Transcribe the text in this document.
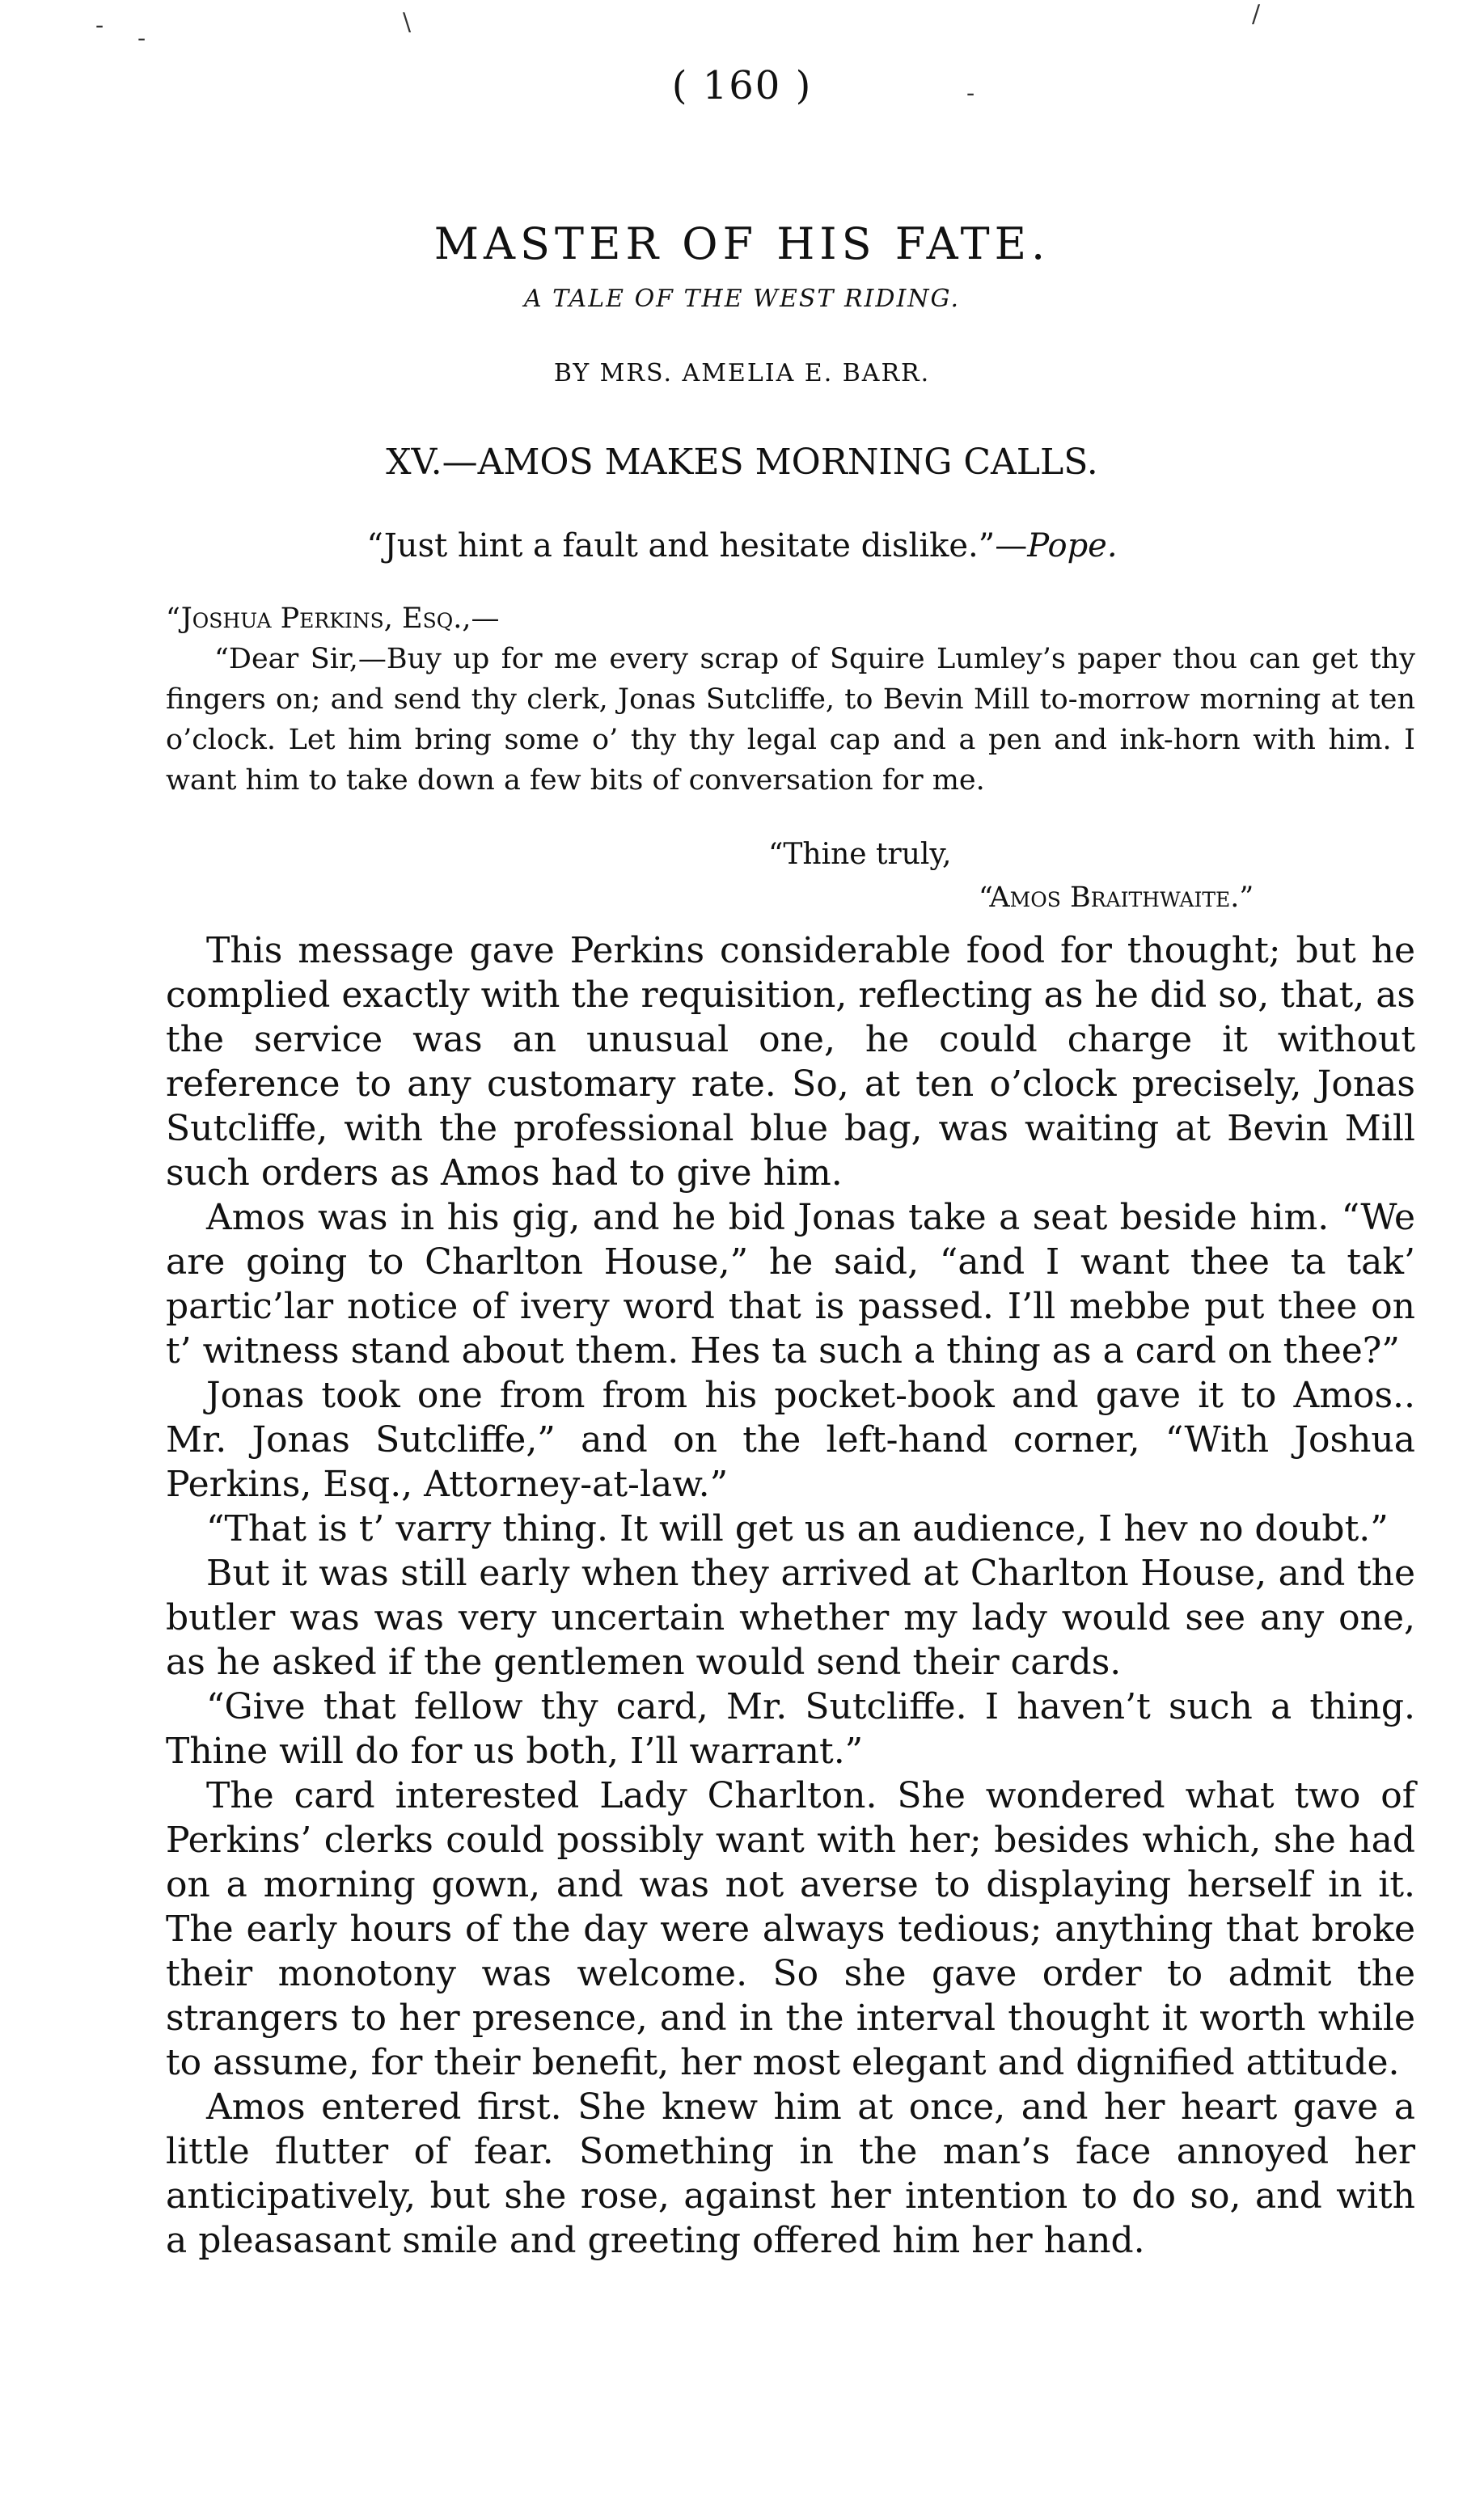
- -
\	/
-
( 160 )
MASTER OF HIS FATE.
A TALE OF THE WEST RIDING.
BY MRS. AMELIA E. BARR.
XV.—AMOS MAKES MORNING CALLS.
“Just hint a fault and hesitate dislike.”—Pope.

“Joshua Perkins, Esq.,—

“Dear Sir,—Buy up for me every scrap of Squire Lumley’s paper thou can get thy fingers on; and send thy clerk, Jonas Sutcliffe, to Bevin Mill to-morrow morning at ten o’clock. Let him bring some o’ thy thy legal cap and a pen and ink-horn with him. I want him to take down a few bits of conversation for me.

“Thine truly,
“Amos Braithwaite.”

This message gave Perkins considerable food for thought; but he complied exactly with the requisition, reflecting as he did so, that, as the service was an unusual one, he could charge it without reference to any customary rate. So, at ten o’clock precisely, Jonas Sutcliffe, with the professional blue bag, was waiting at Bevin Mill such orders as Amos had to give him.

Amos was in his gig, and he bid Jonas take a seat beside him. “We are going to Charlton House,” he said, “and I want thee ta tak’ partic’lar notice of ivery word that is passed. I’ll mebbe put thee on t’ witness stand about them. Hes ta such a thing as a card on thee?”

Jonas took one from from his pocket-book and gave it to Amos.. Mr. Jonas Sutcliffe,” and on the left-hand corner, “With Joshua Perkins, Esq., Attorney-at-law.”

“That is t’ varry thing. It will get us an audience, I hev no doubt.”

But it was still early when they arrived at Charlton House, and the butler was was very uncertain whether my lady would see any one, as he asked if the gentlemen would send their cards.

“Give that fellow thy card, Mr. Sutcliffe. I haven’t such a thing. Thine will do for us both, I’ll warrant.”

The card interested Lady Charlton. She wondered what two of Perkins’ clerks could possibly want with her; besides which, she had on a morning gown, and was not averse to displaying herself in it. The early hours of the day were always tedious; anything that broke their monotony was welcome. So she gave order to admit the strangers to her presence, and in the interval thought it worth while to assume, for their benefit, her most elegant and dignified attitude.

Amos entered first. She knew him at once, and her heart gave a little flutter of fear. Something in the man’s face annoyed her anticipatively, but she rose, against her intention to do so, and with a pleasasant smile and greeting offered him her hand.
